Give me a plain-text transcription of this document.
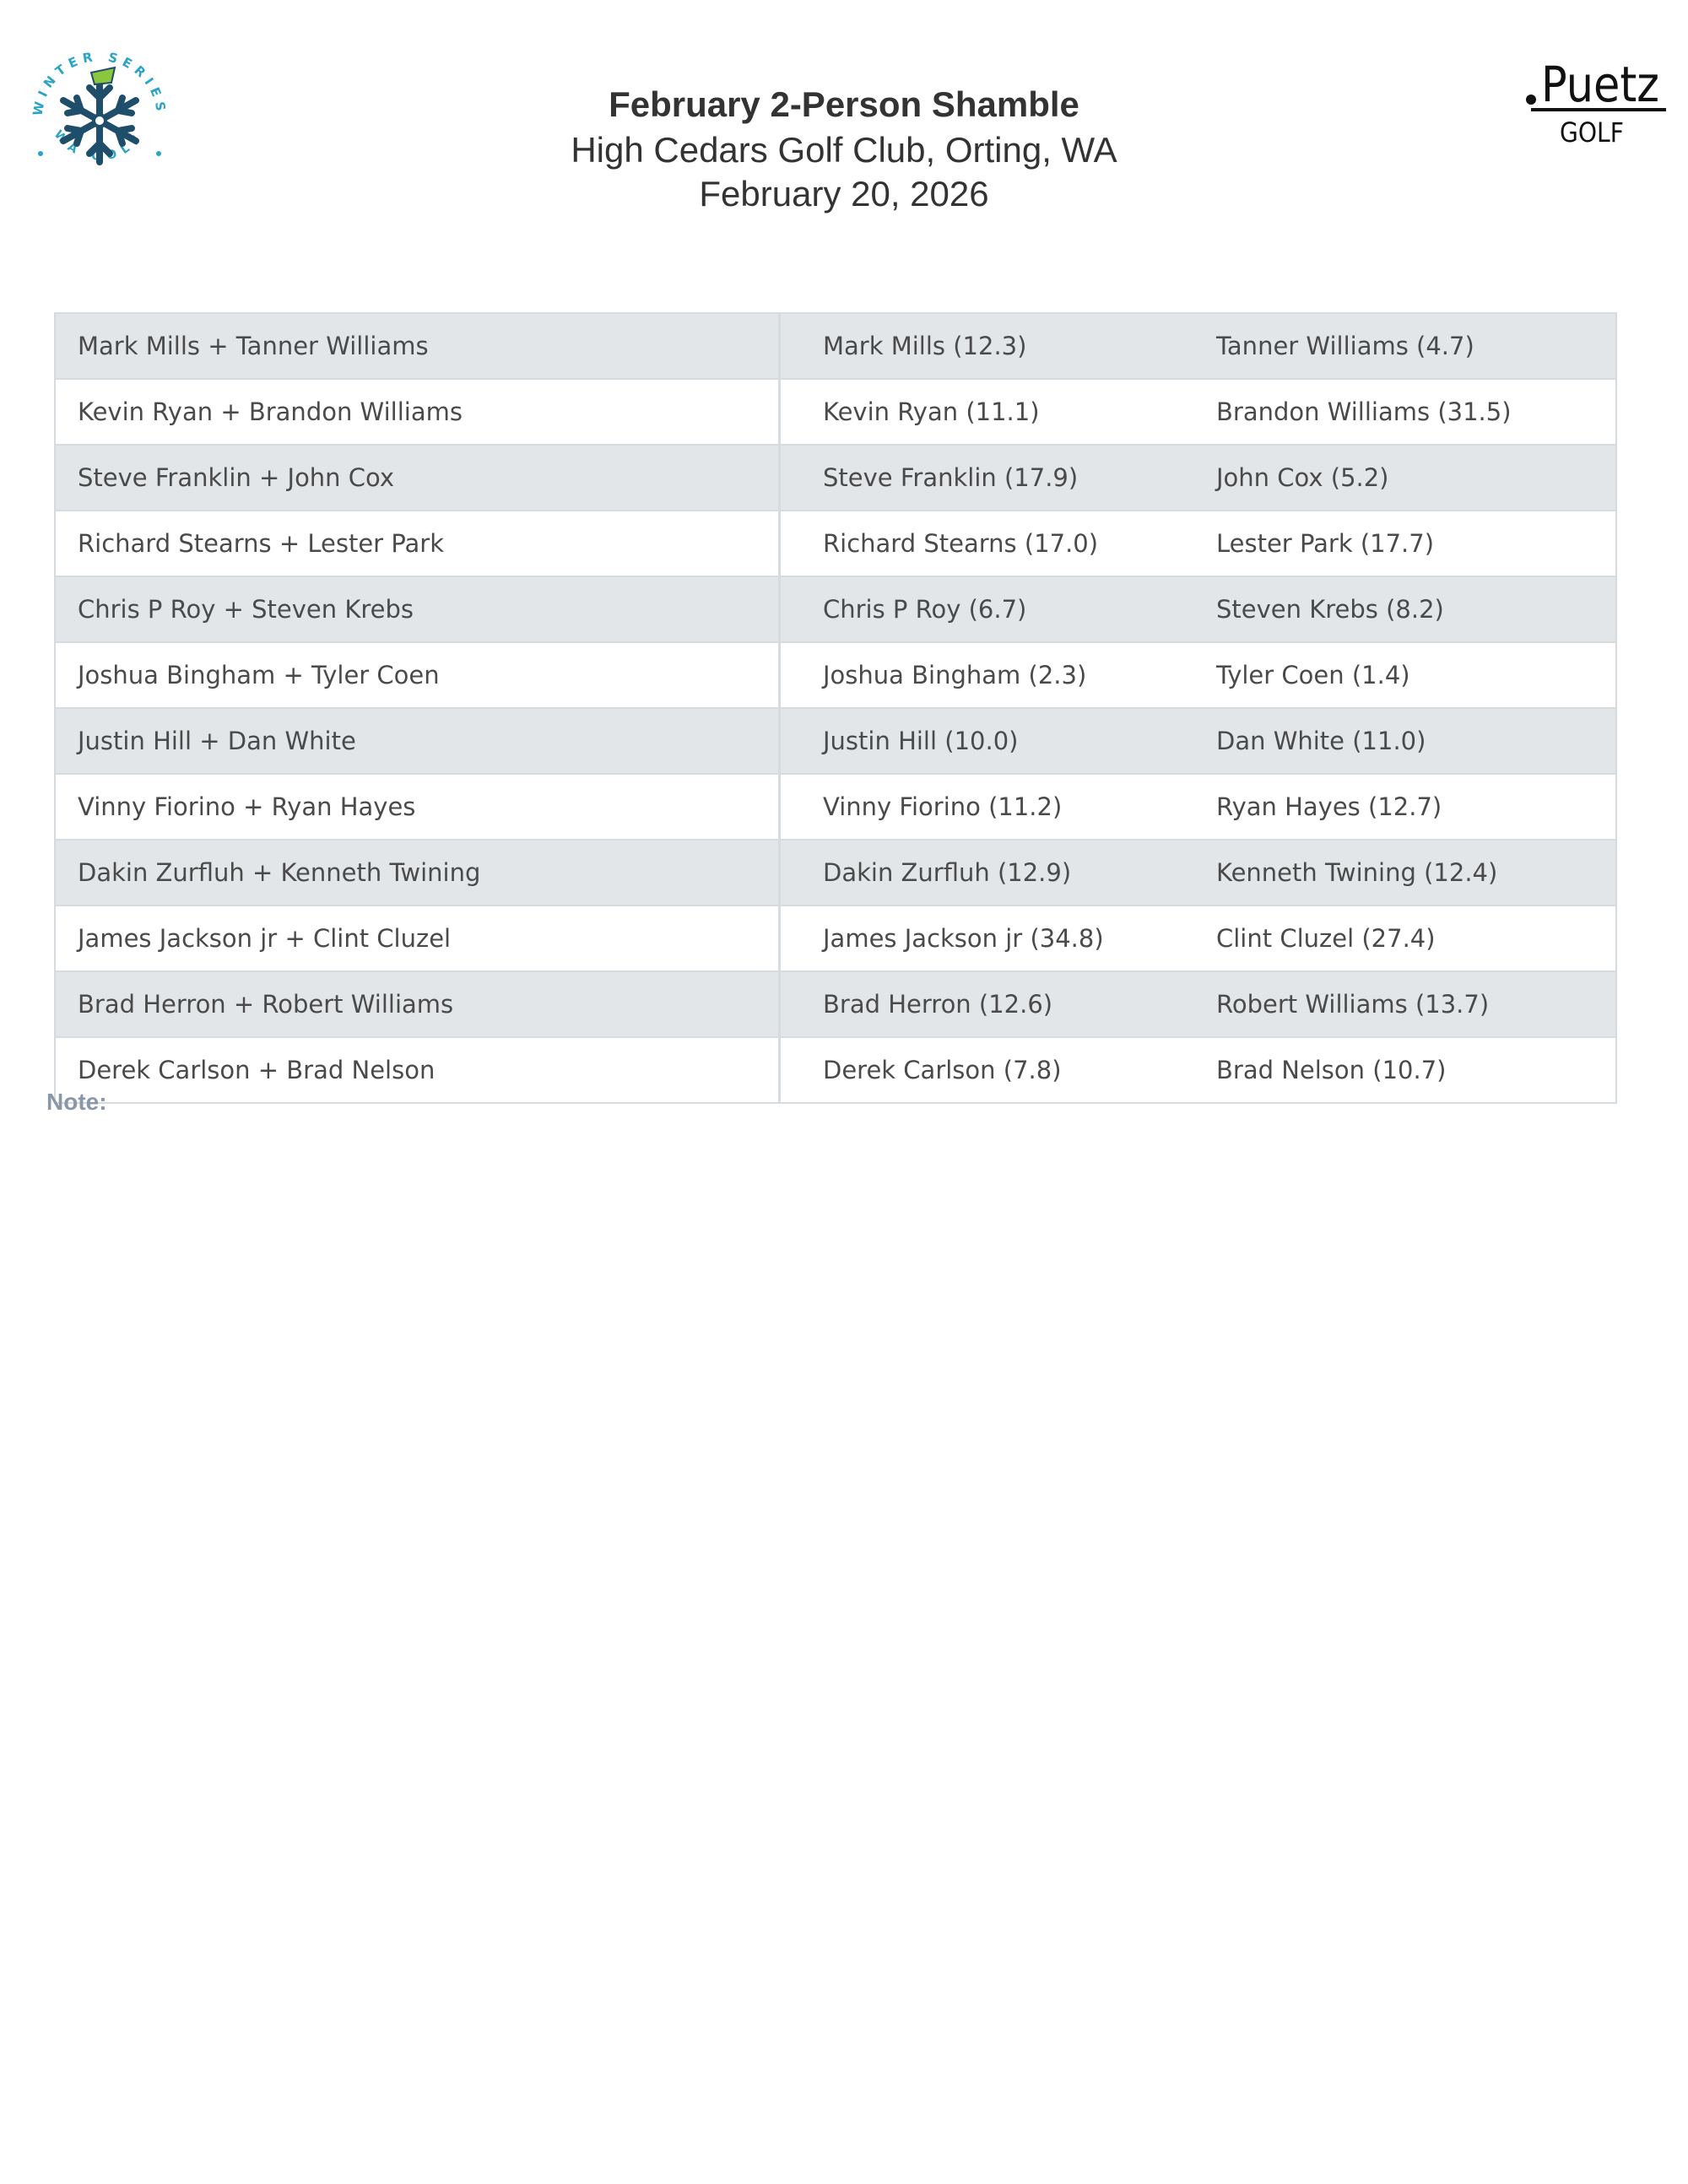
WINTER SERIES
WA GOLF
Puetz
GOLF
February 2-Person Shamble
High Cedars Golf Club, Orting, WA
February 20, 2026
Mark Mills + Tanner Williams	Mark Mills (12.3)	Tanner Williams (4.7)
Kevin Ryan + Brandon Williams	Kevin Ryan (11.1)	Brandon Williams (31.5)
Steve Franklin + John Cox	Steve Franklin (17.9)	John Cox (5.2)
Richard Stearns + Lester Park	Richard Stearns (17.0)	Lester Park (17.7)
Chris P Roy + Steven Krebs	Chris P Roy (6.7)	Steven Krebs (8.2)
Joshua Bingham + Tyler Coen	Joshua Bingham (2.3)	Tyler Coen (1.4)
Justin Hill + Dan White	Justin Hill (10.0)	Dan White (11.0)
Vinny Fiorino + Ryan Hayes	Vinny Fiorino (11.2)	Ryan Hayes (12.7)
Dakin Zurfluh + Kenneth Twining	Dakin Zurfluh (12.9)	Kenneth Twining (12.4)
James Jackson jr + Clint Cluzel	James Jackson jr (34.8)	Clint Cluzel (27.4)
Brad Herron + Robert Williams	Brad Herron (12.6)	Robert Williams (13.7)
Derek Carlson + Brad Nelson	Derek Carlson (7.8)	Brad Nelson (10.7)
Note:
